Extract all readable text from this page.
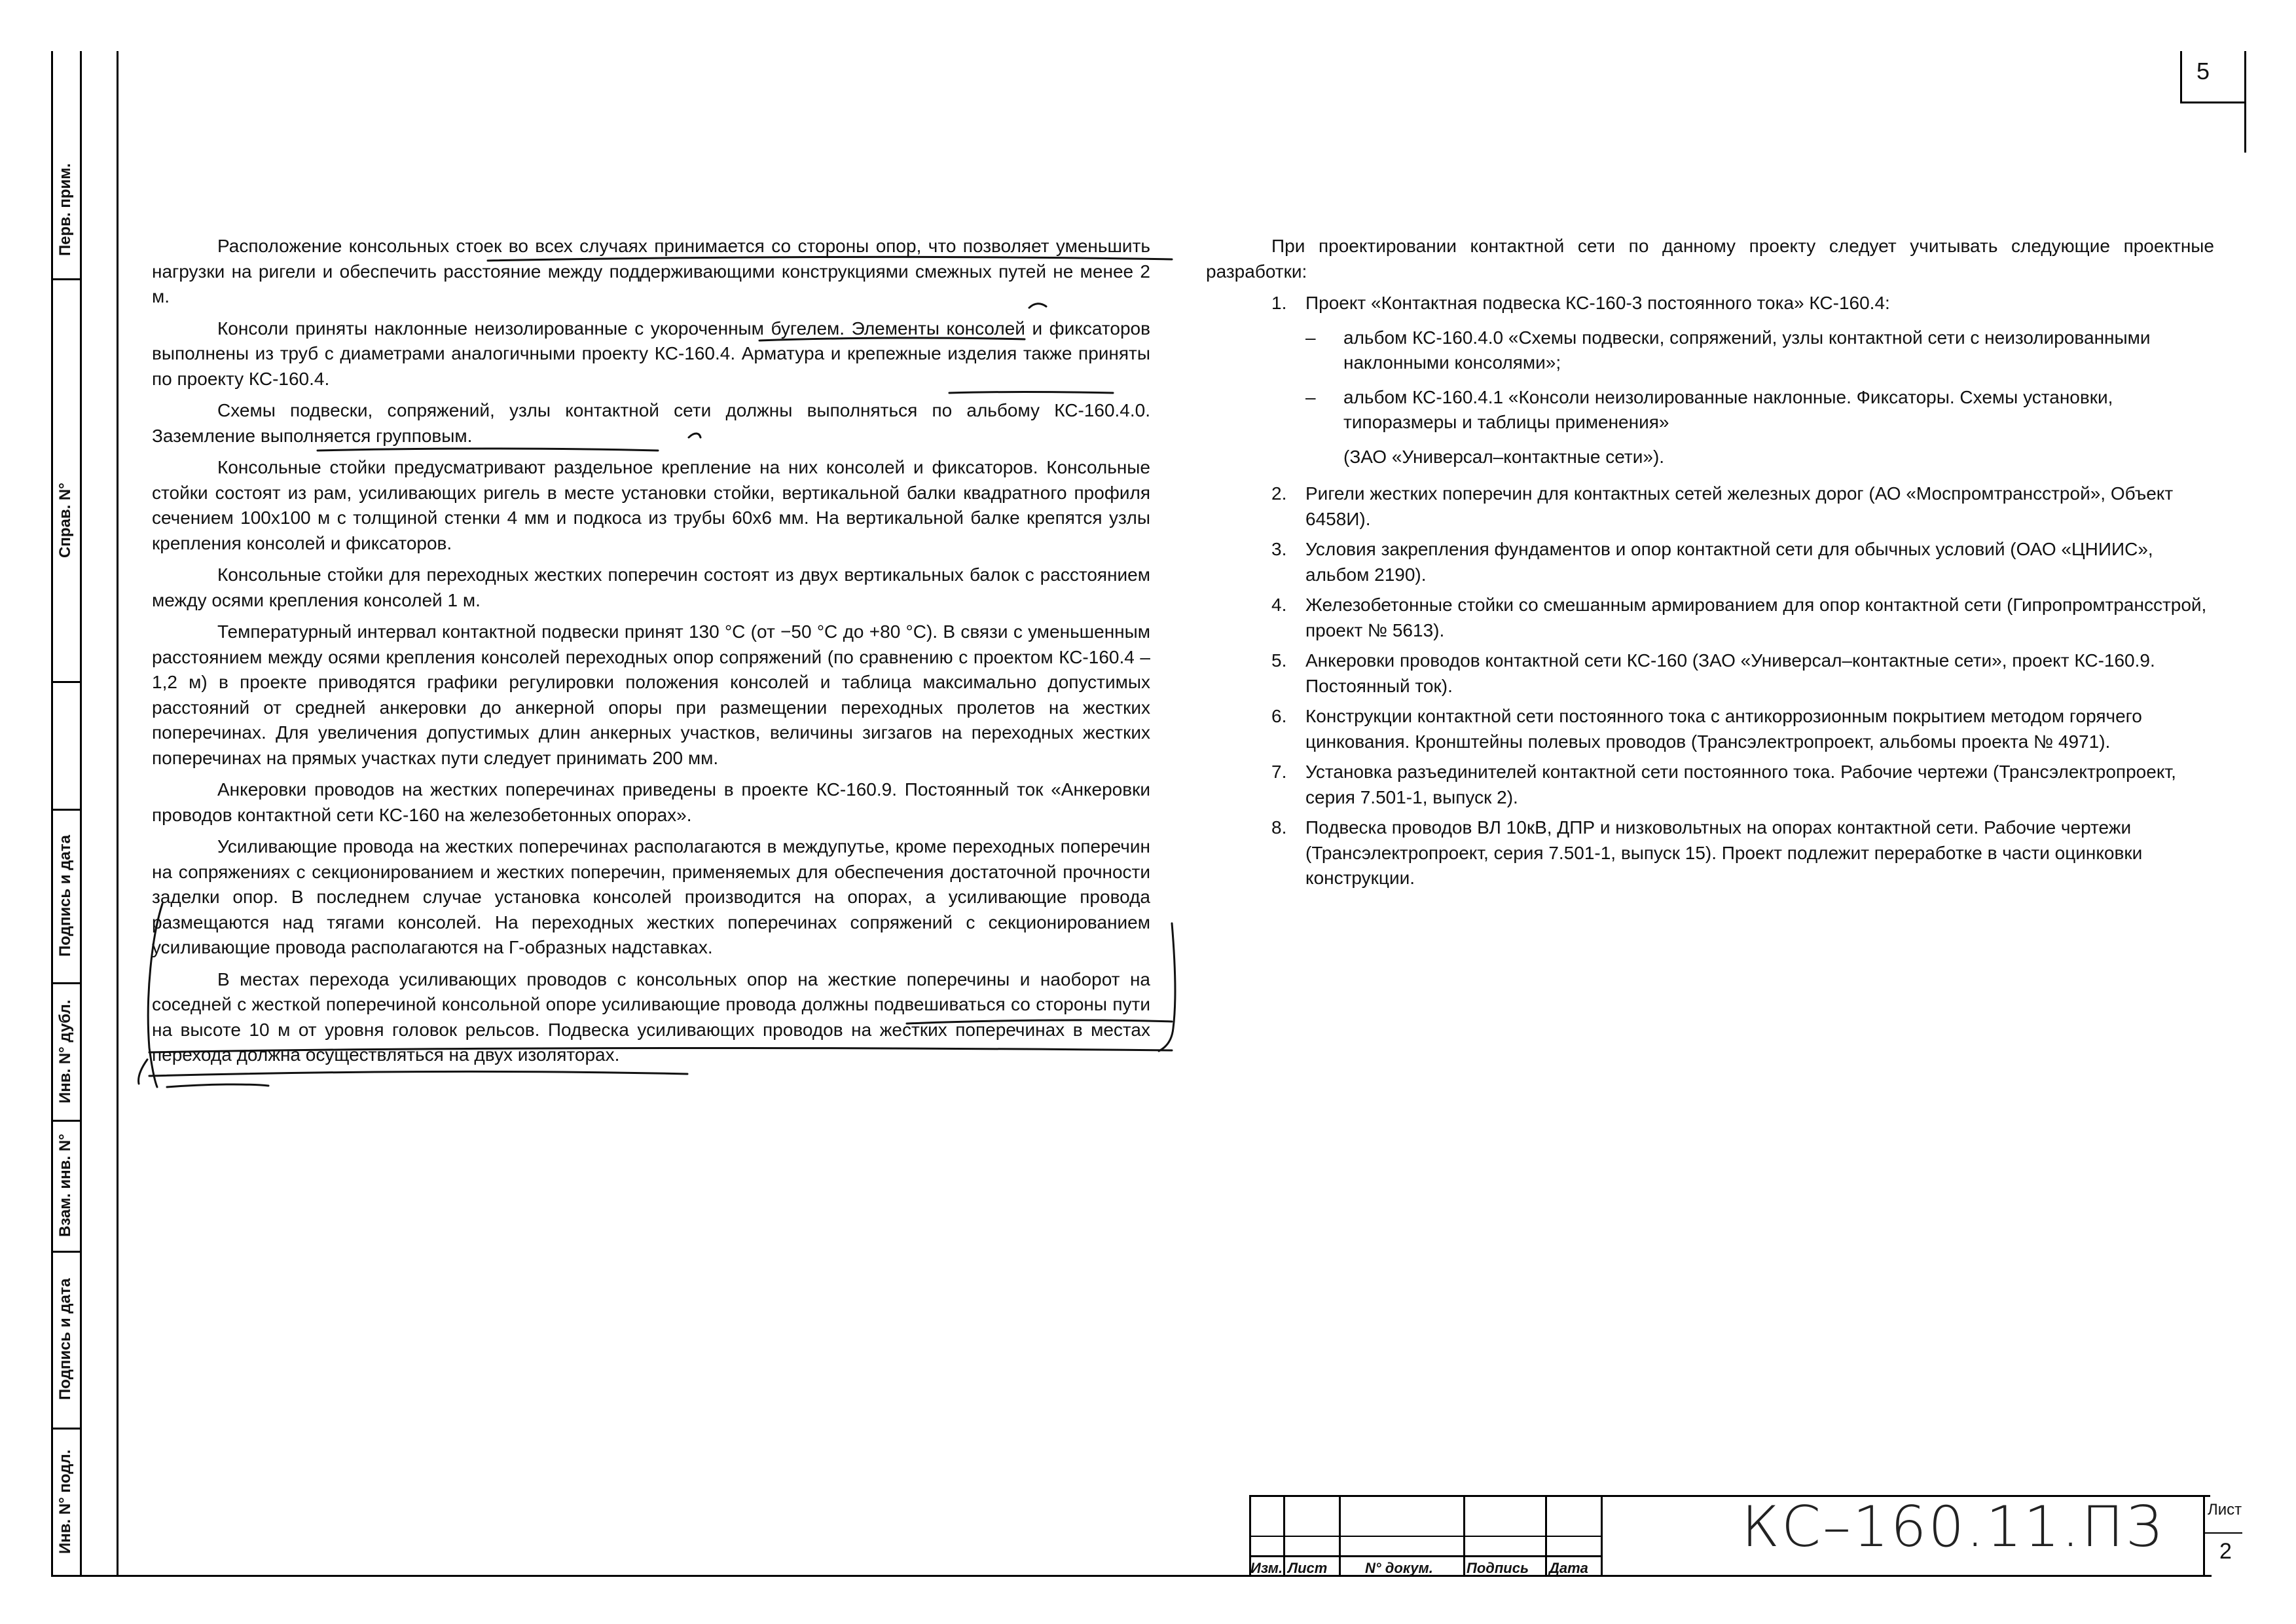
5
Перв. прим.
Справ. N°
Подпись и дата
Инв. N° дубл.
Взам. инв. N°
Подпись и дата
Инв. N° подл.

Расположение консольных стоек во всех случаях принимается со стороны опор, что позволяет уменьшить нагрузки на ригели и обеспечить расстояние между поддерживающими конструкциями смежных путей не менее 2 м.

Консоли приняты наклонные неизолированные с укороченным бугелем. Элементы консолей и фиксаторов выполнены из труб с диаметрами аналогичными проекту КС-160.4. Арматура и крепежные изделия также приняты по проекту КС-160.4.

Схемы подвески, сопряжений, узлы контактной сети должны выполняться по альбому КС-160.4.0. Заземление выполняется групповым.

Консольные стойки предусматривают раздельное крепление на них консолей и фиксаторов. Консольные стойки состоят из рам, усиливающих ригель в месте установки стойки, вертикальной балки квадратного профиля сечением 100х100 м с толщиной стенки 4 мм и подкоса из трубы 60х6 мм. На вертикальной балке крепятся узлы крепления консолей и фиксаторов.

Консольные стойки для переходных жестких поперечин состоят из двух вертикальных балок с расстоянием между осями крепления консолей 1 м.

Температурный интервал контактной подвески принят 130 °С (от −50 °С до +80 °С). В связи с уменьшенным расстоянием между осями крепления консолей переходных опор сопряжений (по сравнению с проектом КС-160.4 – 1,2 м) в проекте приводятся графики регулировки положения консолей и таблица максимально допустимых расстояний от средней анкеровки до анкерной опоры при размещении переходных пролетов на жестких поперечинах. Для увеличения допустимых длин анкерных участков, величины зигзагов на переходных жестких поперечинах на прямых участках пути следует принимать 200 мм.

Анкеровки проводов на жестких поперечинах приведены в проекте КС-160.9. Постоянный ток «Анкеровки проводов контактной сети КС-160 на железобетонных опорах».

Усиливающие провода на жестких поперечинах располагаются в междупутье, кроме переходных поперечин на сопряжениях с секционированием и жестких поперечин, применяемых для обеспечения достаточной прочности заделки опор. В последнем случае установка консолей производится на опорах, а усиливающие провода размещаются над тягами консолей. На переходных жестких поперечинах сопряжений с секционированием усиливающие провода располагаются на Г-образных надставках.

В местах перехода усиливающих проводов с консольных опор на жесткие поперечины и наоборот на соседней с жесткой поперечиной консольной опоре усиливающие провода должны подвешиваться со стороны пути на высоте 10 м от уровня головок рельсов. Подвеска усиливающих проводов на жестких поперечинах в местах перехода должна осуществляться на двух изоляторах.

При проектировании контактной сети по данному проекту следует учитывать следующие проектные разработки:

1.	Проект «Контактная подвеска КС-160-3 постоянного тока» КС-160.4:
–	альбом КС-160.4.0 «Схемы подвески, сопряжений, узлы контактной сети с неизолированными наклонными консолями»;
–	альбом КС-160.4.1 «Консоли неизолированные наклонные. Фиксаторы. Схемы установки, типоразмеры и таблицы применения»
(ЗАО «Универсал–контактные сети»).
2.	Ригели жестких поперечин для контактных сетей железных дорог (АО «Моспромтрансстрой», Объект 6458И).
3.	Условия закрепления фундаментов и опор контактной сети для обычных условий (ОАО «ЦНИИС», альбом 2190).
4.	Железобетонные стойки со смешанным армированием для опор контактной сети (Гипропромтрансстрой, проект № 5613).
5.	Анкеровки проводов контактной сети КС-160 (ЗАО «Универсал–контактные сети», проект КС-160.9. Постоянный ток).
6.	Конструкции контактной сети постоянного тока с антикоррозионным покрытием методом горячего цинкования. Кронштейны полевых проводов (Трансэлектропроект, альбомы проекта № 4971).
7.	Установка разъединителей контактной сети постоянного тока. Рабочие чертежи (Трансэлектропроект, серия 7.501-1, выпуск 2).
8.	Подвеска проводов ВЛ 10кВ, ДПР и низковольтных на опорах контактной сети. Рабочие чертежи (Трансэлектропроект, серия 7.501-1, выпуск 15). Проект подлежит переработке в части оцинковки конструкции.
Изм. Лист	N° докум. Подпись Дата
КС–160.11.ПЗ	Лист
2
